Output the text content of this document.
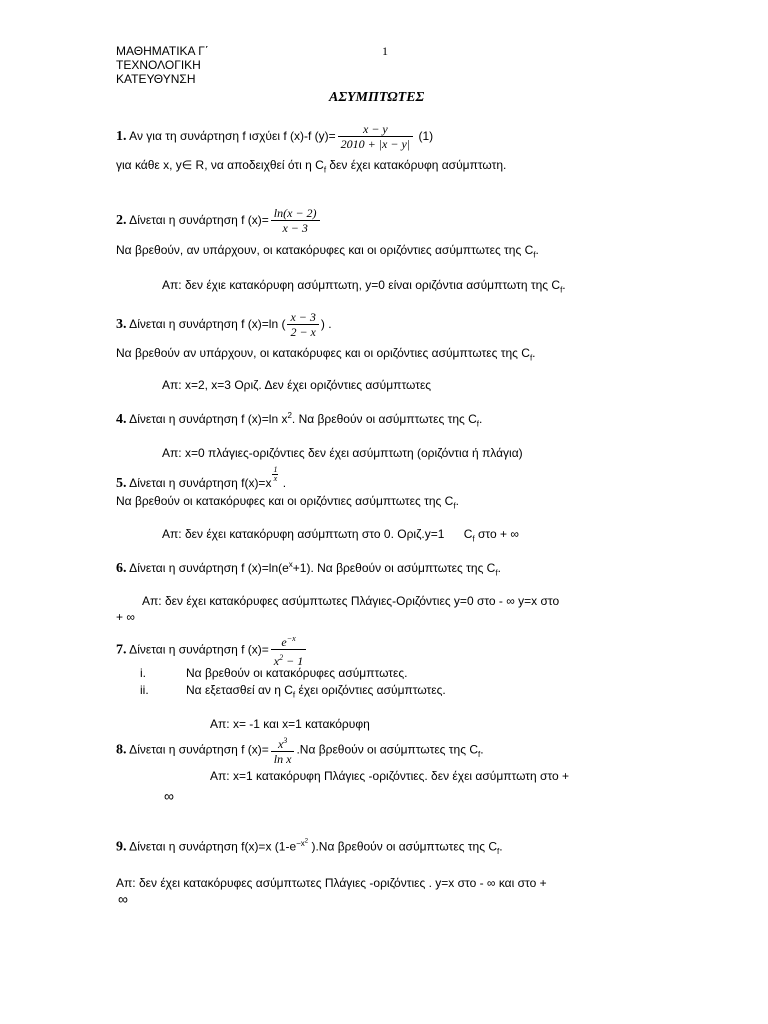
ΜΑΘΗΜΑΤΙΚΑ Γ΄
ΤΕΧΝΟΛΟΓΙΚΗ
ΚΑΤΕΥΘΥΝΣΗ
1
ΑΣΥΜΠΤΩΤΕΣ
1. Αν για τη συνάρτηση f ισχύει f (x)-f $(y)= \frac{x - y}{2010 + |x - y|} (1)$
για κάθε x, y∈ R, να αποδειχθεί ότι η $C_f$ δεν έχει κατακόρυφη ασύμπτωτη.
2. Δίνεται η συνάρτηση f $(x)= \frac{\ln(x - 2)}{x - 3}$
Να βρεθούν, αν υπάρχουν, οι κατακόρυφες και οι οριζόντιες ασύμπτωτες της $C_f$.
Απ: δεν έχιε κατακόρυφη ασύμπτωτη, y=0 είναι οριζόντια ασύμπτωτη της $C_f$.
3. Δίνεται η συνάρτηση f (x)=ln ( $\frac{x - 3}{2 - x}$ ) .
Να βρεθούν αν υπάρχουν, οι κατακόρυφες και οι οριζόντιες ασύμπτωτες της $C_f$.
Απ: x=2, x=3 Οριζ. Δεν έχει οριζόντιες ασύμπτωτες
4. Δίνεται η συνάρτηση f (x)=ln $x^2$. Να βρεθούν οι ασύμπτωτες της $C_f$.
Απ: x=0 πλάγιες-οριζόντιες δεν έχει ασύμπτωτη (οριζόντια ή πλάγια)
5. Δίνεται η συνάρτηση $f(x)=x \frac{1}{x}$ .
Να βρεθούν οι κατακόρυφες και οι οριζόντιες ασύμπτωτες της $C_f$.
Απ: δεν έχει κατακόρυφη ασύμπτωτη στο 0. Οριζ.y=1 $C_f$ στο + ∞
6. Δίνεται η συνάρτηση f $(x)=\ln(e^x+1)$. Να βρεθούν οι ασύμπτωτες της $C_f$.
Απ: δεν έχει κατακόρυφες ασύμπτωτες Πλάγιες-Οριζόντιες y=0 στο - ∞ y=x στο
+ ∞
7. Δίνεται η συνάρτηση f $(x)= \frac{e^{-x}}{x^2 - 1}$
i.	Να βρεθούν οι κατακόρυφες ασύμπτωτες.
ii.	Να εξετασθεί αν η $C_f$ έχει οριζόντιες ασύμπτωτες.
Απ: x= -1 και x=1 κατακόρυφη
8. Δίνεται η συνάρτηση f $(x)= \frac{x^3}{\text{ln x}} .N\alpha$ βρεθούν οι ασύμπτωτες της $C_f$.
Απ: x=1 κατακόρυφη Πλάγιες -οριζόντιες. δεν έχει ασύμπτωτη στο +
∞
9. Δίνεται η συνάρτηση f(x)=x ($1-e^{-x^2}$ ).Να βρεθούν οι ασύμπτωτες της $C_f$.
Απ: δεν έχει κατακόρυφες ασύμπτωτες Πλάγιες -οριζόντιες . y=x στο - ∞ και στο +
∞
